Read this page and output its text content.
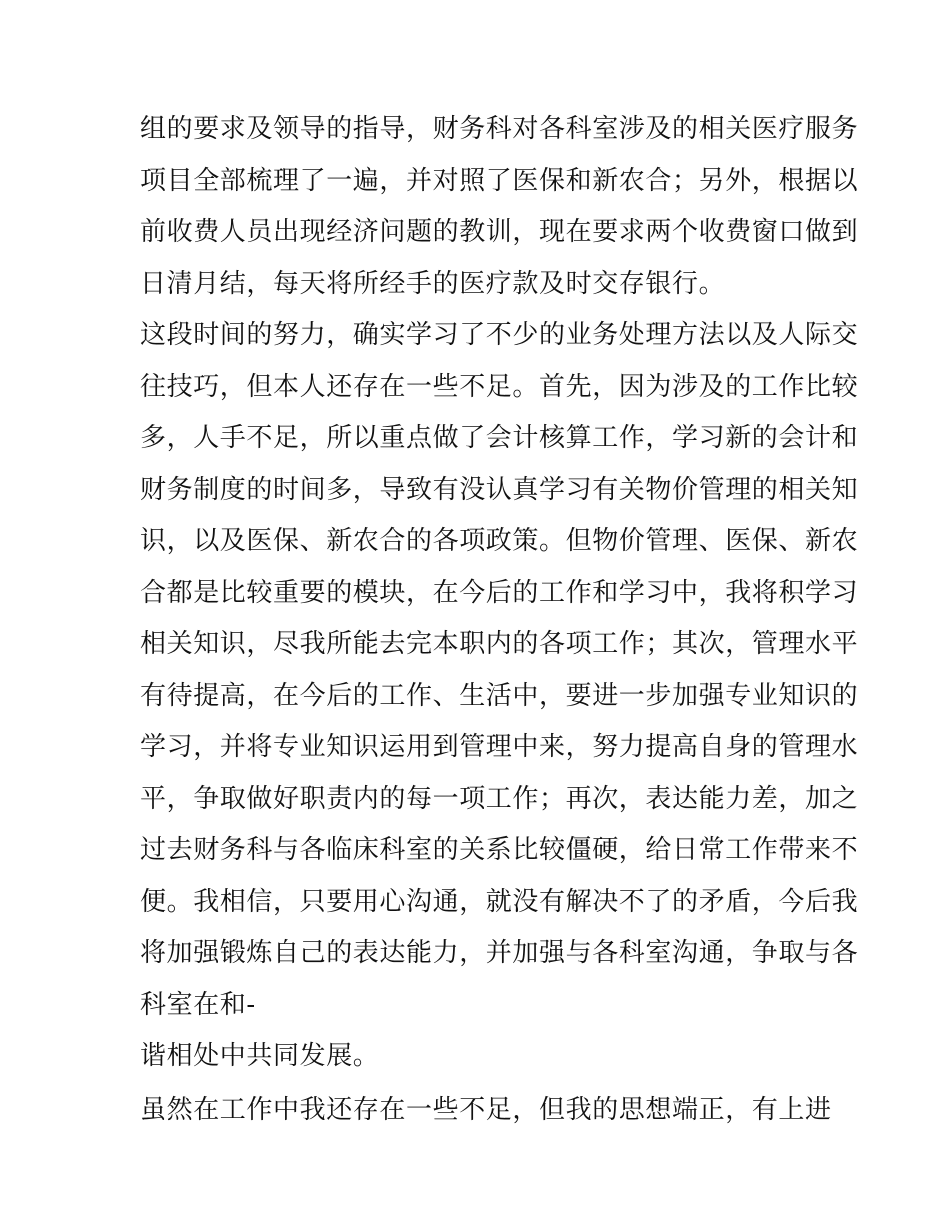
组的要求及领导的指导，财务科对各科室涉及的相关医疗服务
项目全部梳理了一遍，并对照了医保和新农合；另外，根据以
前收费人员出现经济问题的教训，现在要求两个收费窗口做到
日清月结，每天将所经手的医疗款及时交存银行。
这段时间的努力，确实学习了不少的业务处理方法以及人际交
往技巧，但本人还存在一些不足。首先，因为涉及的工作比较
多，人手不足，所以重点做了会计核算工作，学习新的会计和
财务制度的时间多，导致有没认真学习有关物价管理的相关知
识，以及医保、新农合的各项政策。但物价管理、医保、新农
合都是比较重要的模块，在今后的工作和学习中，我将积学习
相关知识，尽我所能去完本职内的各项工作；其次，管理水平
有待提高，在今后的工作、生活中，要进一步加强专业知识的
学习，并将专业知识运用到管理中来，努力提高自身的管理水
平，争取做好职责内的每一项工作；再次，表达能力差，加之
过去财务科与各临床科室的关系比较僵硬，给日常工作带来不
便。我相信，只要用心沟通，就没有解决不了的矛盾，今后我
将加强锻炼自己的表达能力，并加强与各科室沟通，争取与各
科室在和-
谐相处中共同发展。
虽然在工作中我还存在一些不足，但我的思想端正，有上进
